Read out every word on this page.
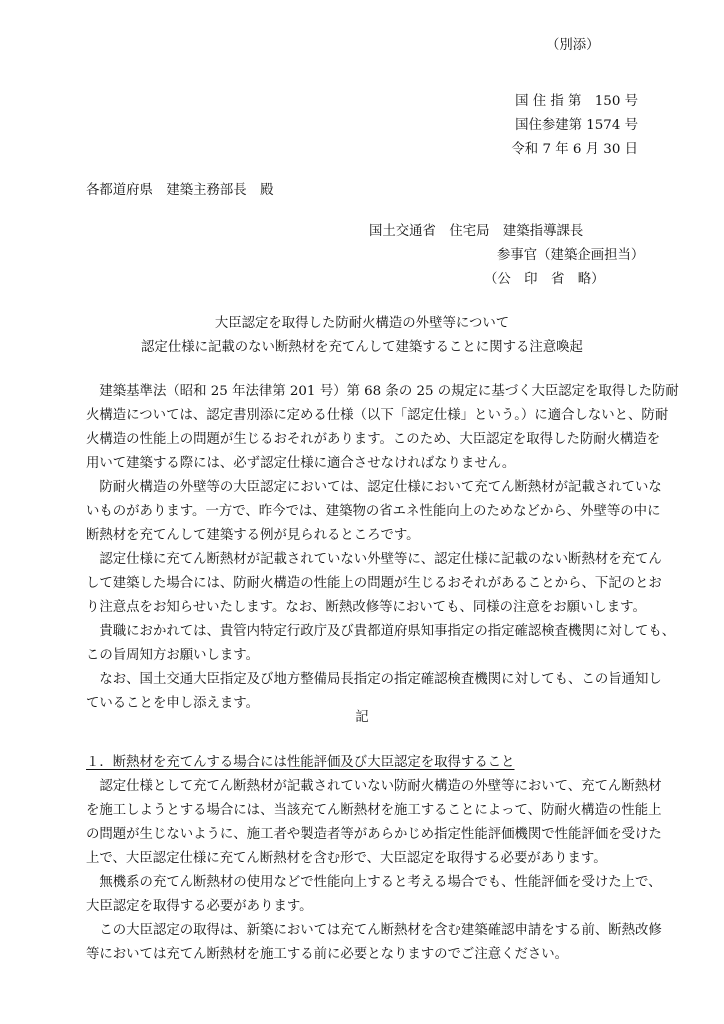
（別添）
国 住 指 第　150 号
国住参建第 1574 号
令和 7 年 6 月 30 日
各都道府県　建築主務部長　殿
国土交通省　住宅局　建築指導課長
参事官（建築企画担当）
（公　印　省　略）
大臣認定を取得した防耐火構造の外壁等について
認定仕様に記載のない断熱材を充てんして建築することに関する注意喚起
　建築基準法（昭和 25 年法律第 201 号）第 68 条の 25 の規定に基づく大臣認定を取得した防耐
火構造については、認定書別添に定める仕様（以下「認定仕様」という。）に適合しないと、防耐
火構造の性能上の問題が生じるおそれがあります。このため、大臣認定を取得した防耐火構造を
用いて建築する際には、必ず認定仕様に適合させなければなりません。
　防耐火構造の外壁等の大臣認定においては、認定仕様において充てん断熱材が記載されていな
いものがあります。一方で、昨今では、建築物の省エネ性能向上のためなどから、外壁等の中に
断熱材を充てんして建築する例が見られるところです。
　認定仕様に充てん断熱材が記載されていない外壁等に、認定仕様に記載のない断熱材を充てん
して建築した場合には、防耐火構造の性能上の問題が生じるおそれがあることから、下記のとお
り注意点をお知らせいたします。なお、断熱改修等においても、同様の注意をお願いします。
　貴職におかれては、貴管内特定行政庁及び貴都道府県知事指定の指定確認検査機関に対しても、
この旨周知方お願いします。
　なお、国土交通大臣指定及び地方整備局長指定の指定確認検査機関に対しても、この旨通知し
ていることを申し添えます。
記
１．断熱材を充てんする場合には性能評価及び大臣認定を取得すること
　認定仕様として充てん断熱材が記載されていない防耐火構造の外壁等において、充てん断熱材
を施工しようとする場合には、当該充てん断熱材を施工することによって、防耐火構造の性能上
の問題が生じないように、施工者や製造者等があらかじめ指定性能評価機関で性能評価を受けた
上で、大臣認定仕様に充てん断熱材を含む形で、大臣認定を取得する必要があります。
　無機系の充てん断熱材の使用などで性能向上すると考える場合でも、性能評価を受けた上で、
大臣認定を取得する必要があります。
　この大臣認定の取得は、新築においては充てん断熱材を含む建築確認申請をする前、断熱改修
等においては充てん断熱材を施工する前に必要となりますのでご注意ください。
